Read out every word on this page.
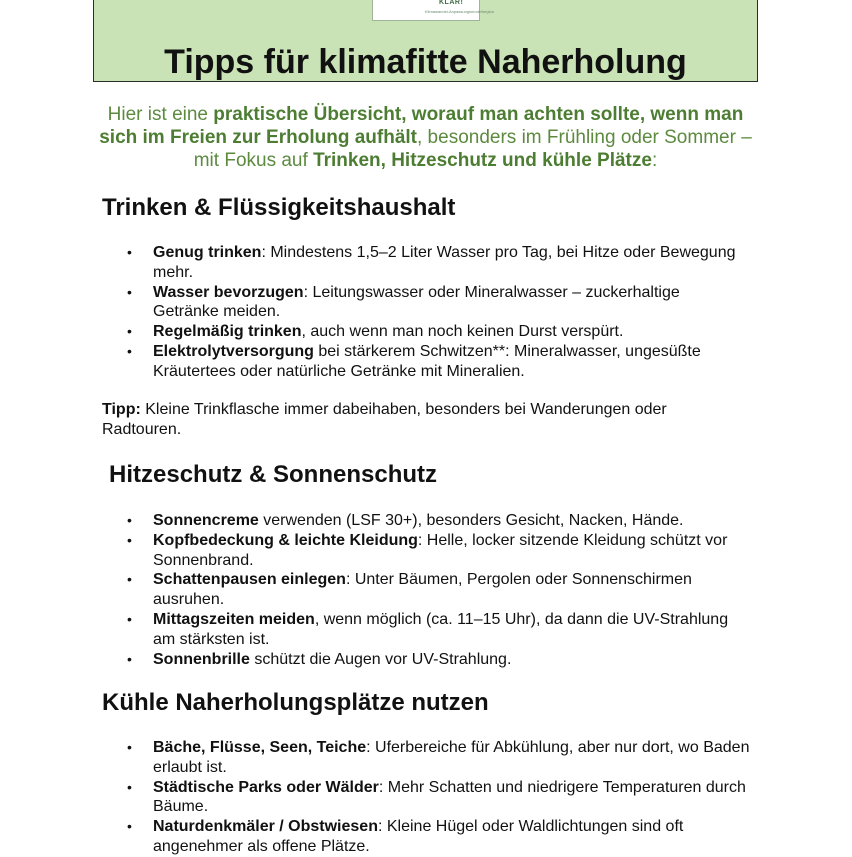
KLAR!
Klimawandel-Anpassungsmodellregion
Tipps für klimafitte Naherholung

Hier ist eine praktische Übersicht, worauf man achten sollte, wenn man sich im Freien zur Erholung aufhält, besonders im Frühling oder Sommer – mit Fokus auf Trinken, Hitzeschutz und kühle Plätze:

Trinken & Flüssigkeitshaushalt
• Genug trinken: Mindestens 1,5–2 Liter Wasser pro Tag, bei Hitze oder Bewegung mehr.
• Wasser bevorzugen: Leitungswasser oder Mineralwasser – zuckerhaltige Getränke meiden.
• Regelmäßig trinken, auch wenn man noch keinen Durst verspürt.
• Elektrolytversorgung bei stärkerem Schwitzen**: Mineralwasser, ungesüßte Kräutertees oder natürliche Getränke mit Mineralien.

Tipp: Kleine Trinkflasche immer dabeihaben, besonders bei Wanderungen oder Radtouren.

Hitzeschutz & Sonnenschutz
• Sonnencreme verwenden (LSF 30+), besonders Gesicht, Nacken, Hände.
• Kopfbedeckung & leichte Kleidung: Helle, locker sitzende Kleidung schützt vor Sonnenbrand.
• Schattenpausen einlegen: Unter Bäumen, Pergolen oder Sonnenschirmen ausruhen.
• Mittagszeiten meiden, wenn möglich (ca. 11–15 Uhr), da dann die UV-Strahlung am stärksten ist.
• Sonnenbrille schützt die Augen vor UV-Strahlung.
Kühle Naherholungsplätze nutzen
• Bäche, Flüsse, Seen, Teiche: Uferbereiche für Abkühlung, aber nur dort, wo Baden erlaubt ist.
• Städtische Parks oder Wälder: Mehr Schatten und niedrigere Temperaturen durch Bäume.
• Naturdenkmäler / Obstwiesen: Kleine Hügel oder Waldlichtungen sind oft angenehmer als offene Plätze.
